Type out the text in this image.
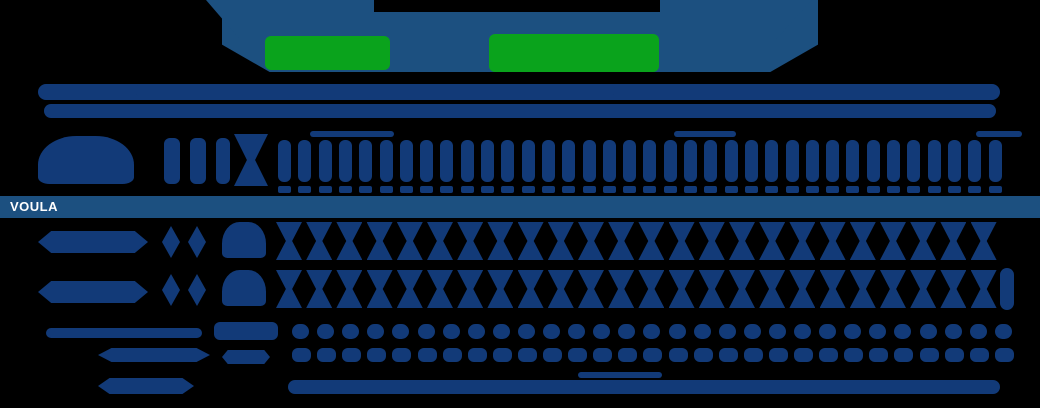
VOULA
